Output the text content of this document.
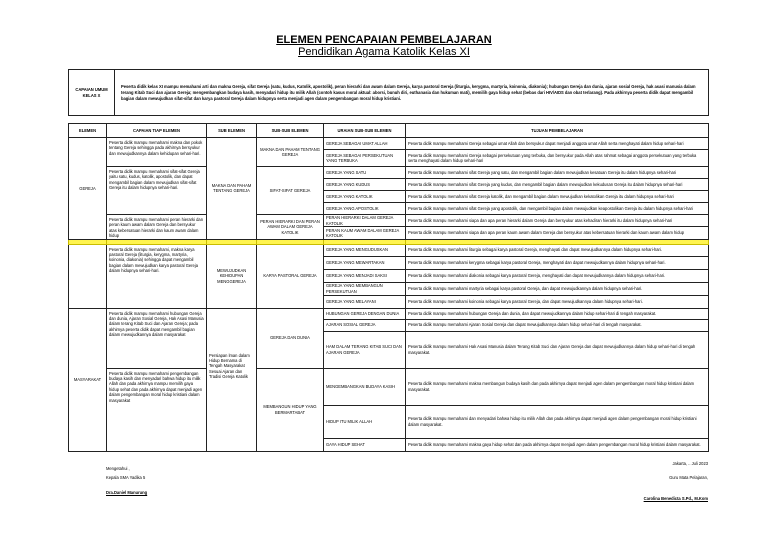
ELEMEN PENCAPAIAN PEMBELAJARAN
Pendidikan Agama Katolik Kelas XI
CAPAIAN UMUM KELAS X	Peserta didik kelas XI mampu memahami arti dan makna Gereja, sifat Gereja (satu, kudus, Katolik, apostolik), peran hierarki dan awam dalam Gereja, karya pastoral Gereja (liturgia, kerygma, martyria, koinonia, diakonia); hubungan Gereja dan dunia, ajaran sosial Gereja, hak asasi manusia dalam terang Kitab Suci dan ajaran Gereja; mengembangkan budaya kasih, menyadari hidup itu milik Allah (contoh kasus moral aktual: aborsi, bunuh diri, euthanasia dan hukuman mati), memilih gaya hidup sehat (bebas dari HIV/AIDS dan obat terlarang). Pada akhirnya peserta didik dapat mengambil bagian dalam mewujudkan sifat-sifat dan karya pastoral Gereja dalam hidupnya serta menjadi agen dalam pengembangan moral hidup kristiani.
ELEMEN	CAPAIAN TIAP ELEMEN	SUB ELEMEN	SUB-SUB ELEMEN	URAIAN SUB-SUB ELEMEN	TUJUAN PEMBELAJARAN
GEREJA	Peserta didik mampu memahami makna dan pokok tentang Gereja sehingga pada akhirnya bersyukur dan mewujudkannya dalam kehidupan sehari-hari.	MAKNA DAN PAHAM TENTANG GEREJA	MAKNA DAN PAHAM TENTANG GEREJA	GEREJA SEBAGAI UMAT ALLAH	Peserta didik mampu memahami Gereja sebagai umat Allah dan bersyukur dapat menjadi anggota umat Allah serta menghayati dalam hidup sehari-hari
				GEREJA SEBAGAI PERSEKUTUAN YANG TERBUKA	Peserta didik mampu memahami Gereja sebagai persekutuan yang terbuka, dan bersyukur pada Allah atas rahmat sebagai anggota persekutuan yang terbuka serta menghayati dalam hidup sehari-hari
	Peserta didik mampu memahami sifat-sifat Gereja yaitu satu, kudus, katolik, apostolik, dan dapat mengambil bagian dalam mewujudkan sifat-sifat Gereja itu dalam hidupnya sehari-hari.		SIFAT-SIFAT GEREJA	GEREJA YANG SATU	Peserta didik mampu memahami sifat Gereja yang satu, dan mengambil bagian dalam mewujudkan kesatuan Gereja itu dalam hidupnya sehari-hari
				GEREJA YANG KUDUS	Peserta didik mampu memahami sifat Gereja yang kudus, dan mengambil bagian dalam mewujudkan kekudusan Gereja itu dalam hidupnya sehari-hari
				GEREJA YANG KATOLIK	Peserta didik mampu memahami sifat Gereja katolik, dan mengambil bagian dalam mewujudkan kekatolikan Gereja itu dalam hidupnya sehari-hari
				GEREJA YANG APOSTOLIK	Peserta didik mampu memahami sifat Gereja yang apostolik, dan mengambil bagian dalam mewujudkan keapostolikan Gereja itu dalam hidupnya sehari-hari
	Peserta didik mampu memahami peran hierarki dan peran kaum awam dalam Gereja dan bersyukur atas kebersatuan hierarki dan kaum awam dalam hidup		PERAN HIERARKI DAN PERAN AWAM DALAM GEREJA KATOLIK	PERAN HIERARKI DALAM GEREJA KATOLIK	Peserta didik mampu memahami siapa dan apa peran hierarki dalam Gereja dan bersyukur atas kehadiran hierarki itu dalam hidupnya sehari-hari
				PERAN KAUM AWAM DALAM GEREJA KATOLIK	Peserta didik mampu memahami siapa dan apa peran kaum awam dalam Gereja dan bersyukur atas kebersatuan hierarki dan kaum awam dalam hidup

	Peserta didik mampu memahami, makna karya pastoral Gereja (liturgia, kerygma, martyria, koinonia, diakonia) sehingga dapat mengambil bagian dalam mewujudkan karya pastoral Gereja dalam hidupnya sehari-hari.	MEWUJUDKAN KEHIDUPAN MENGGEREJA	KARYA PASTORAL GEREJA	GEREJA YANG MENGUDUSKAN	Peserta didik mampu memahami liturgia sebagai karya pastoral Gereja, menghayati dan dapat mewujudkannya dalam hidupnya sehari-hari.
				GEREJA YANG MEWARTAKAN	Peserta didik mampu memahami kerygma sebagai karya pastoral Gereja, menghayati dan dapat mewujudkannya dalam hidupnya sehari-hari.
				GEREJA YANG MENJADI SAKSI	Peserta didik mampu memahami diakonia sebagai karya pastoral Gereja, menghayati dan dapat mewujudkannya dalam hidupnya sehari-hari.
				GEREJA YANG MEMBANGUN PERSEKUTUAN	Peserta didik mampu memahami martyria sebagai karya pastoral Gereja, dan dapat mewujudkannya dalam hidupnya sehari-hari.
				GEREJA YANG MELAYANI	Peserta didik mampu memahami koinonia sebagai karya pastoral Gereja, dan dapat mewujudkannya dalam hidupnya sehari-hari.
MASYARAKAT	Peserta didik mampu memahami hubungan Gereja dan dunia, Ajaran Sosial Gereja, Hak Asasi Manusia dalam terang Kitab Suci dan Ajaran Gereja; pada akhirnya peserta didik dapat mengambil bagian dalam mewujudkannya dalam masyarakat	Persiapan lman dalam Hidup Bernama di Tengah Masyarakat Sesuai Ajaran dan Tradisi Gereja Katolik	GEREJA DAN DUNIA	HUBUNGAN GEREJA DENGAN DUNIA	Peserta didik mampu memahami hubungan Gereja dan dunia, dan dapat mewujudkannya dalam hidup sehari-hari di tengah masyarakat.
				AJARAN SOSIAL GEREJA	Peserta didik mampu memahami Ajaran Sosial Gereja dan dapat mewujudkannya dalam hidup sehari-hari di tengah masyarakat.
				HAM DALAM TERANG KITAB SUCI DAN AJARAN GEREJA	Peserta didik mampu memahami Hak Asasi Manusia dalam Terang Kitab Suci dan Ajaran Gereja dan dapat mewujudkannya dalam hidup sehari-hari di tengah masyarakat.
	Peserta didik mampu memahami pengembangan budaya kasih dan menyadari bahwa hidup itu milik Allah dan pada akhirnya mampu memilih gaya hidup sehat dan pada akhirnya dapat menjadi agen dalam pengembangan moral hidup kristiani dalam masyarakat		MEMBANGUN HIDUP YANG BERMARTABAT	MENGEMBANGKAN BUDAYA KASIH	Peserta didik mampu memahami makna membangun budaya kasih dan pada akhirnya dapat menjadi agen dalam pengembangan moral hidup kristiani dalam masyarakat.
				HIDUP ITU MILIK ALLAH	Peserta didik mampu memahami dan menyadari bahwa hidup itu milik Allah dan pada akhirnya dapat menjadi agen dalam pengembangan moral hidup kristiani dalam masyarakat.
				GAYA HIDUP SEHAT	Peserta didik mampu memahami makna gaya hidup sehat dan pada akhirnya dapat menjadi agen dalam pengembangan moral hidup kristiani dalam masyarakat.
Mengetahui ,
Kepala SMA Yadika 5
Dra.Daniel Manurung
Jakarta, .. Juli 2023
Guru Mata Pelajaran,
Carolina Benedicta S.Pd., M.Kom
